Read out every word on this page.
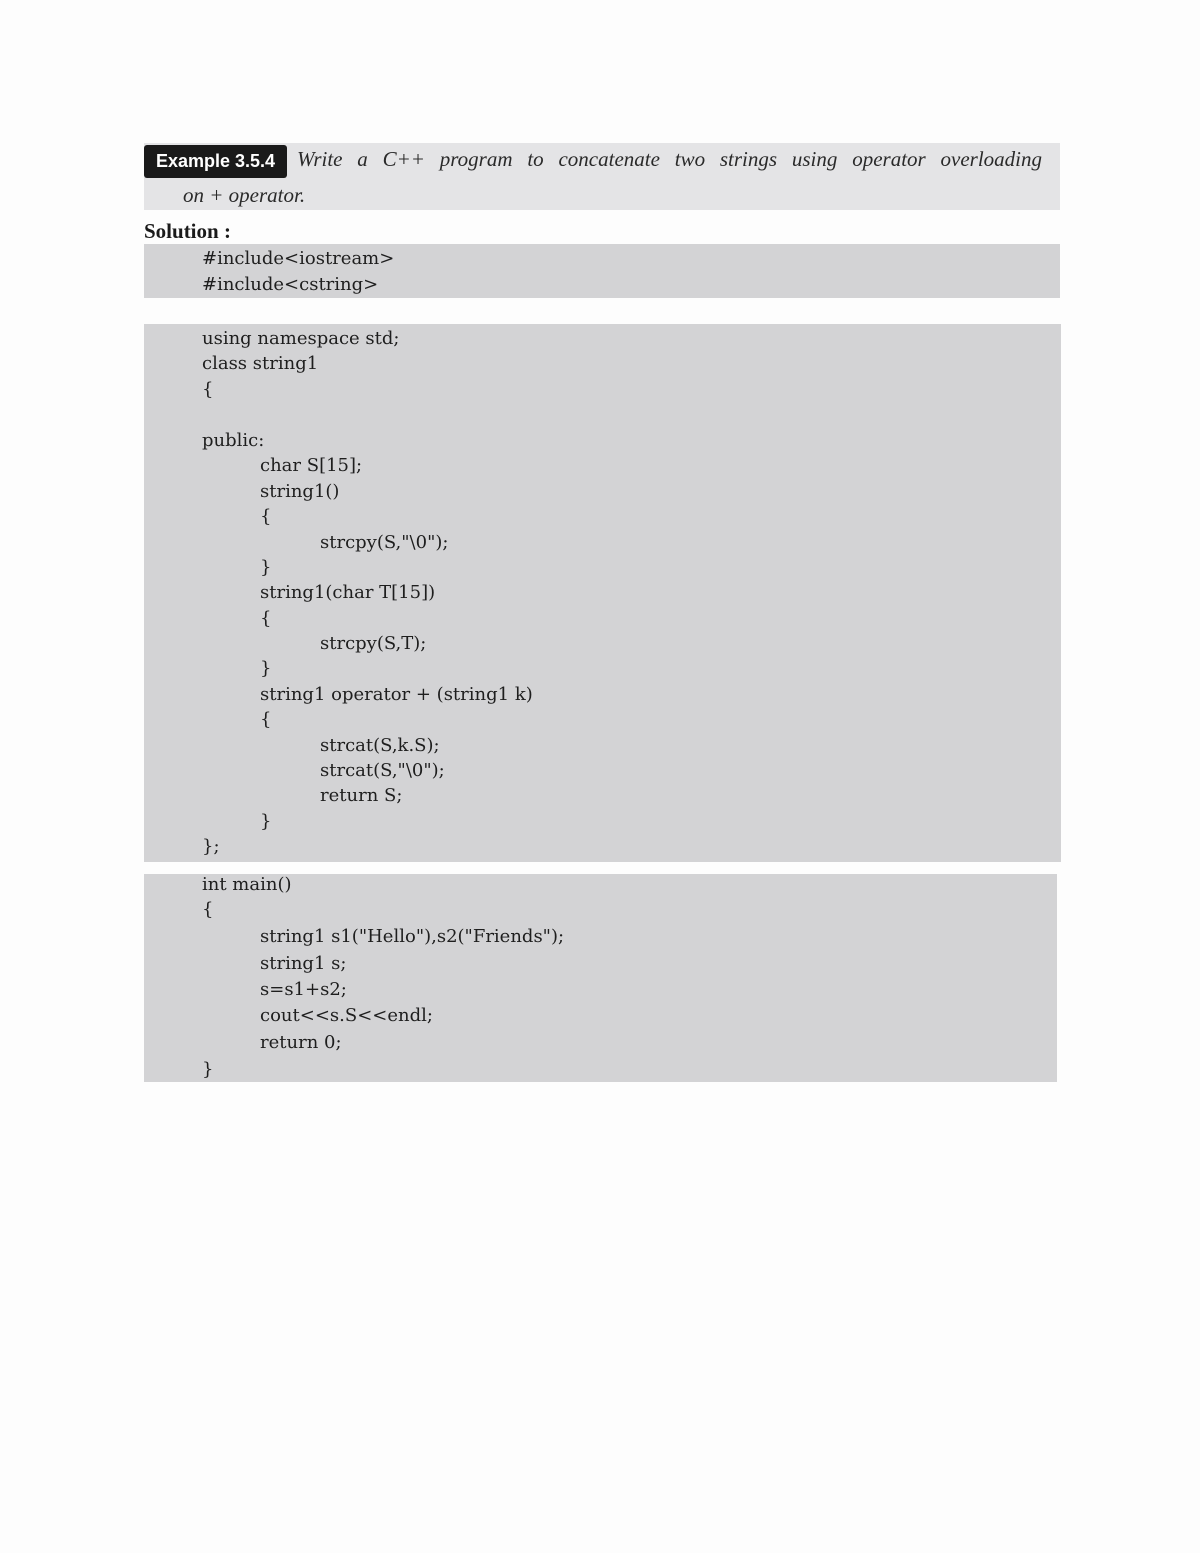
Example 3.5.4	Write a C++ program to concatenate two strings using operator overloading
on + operator.
Solution :
#include<iostream>
#include<cstring>
using namespace std;
class string1
{
public:
char S[15];
string1()
{
strcpy(S,"\0");
}
string1(char T[15])
{
strcpy(S,T);
}
string1 operator + (string1 k)
{
strcat(S,k.S);
strcat(S,"\0");
return S;
}
};
int main()
{
string1 s1("Hello"),s2("Friends");
string1 s;
s=s1+s2;
cout<<s.S<<endl;
return 0;
}
